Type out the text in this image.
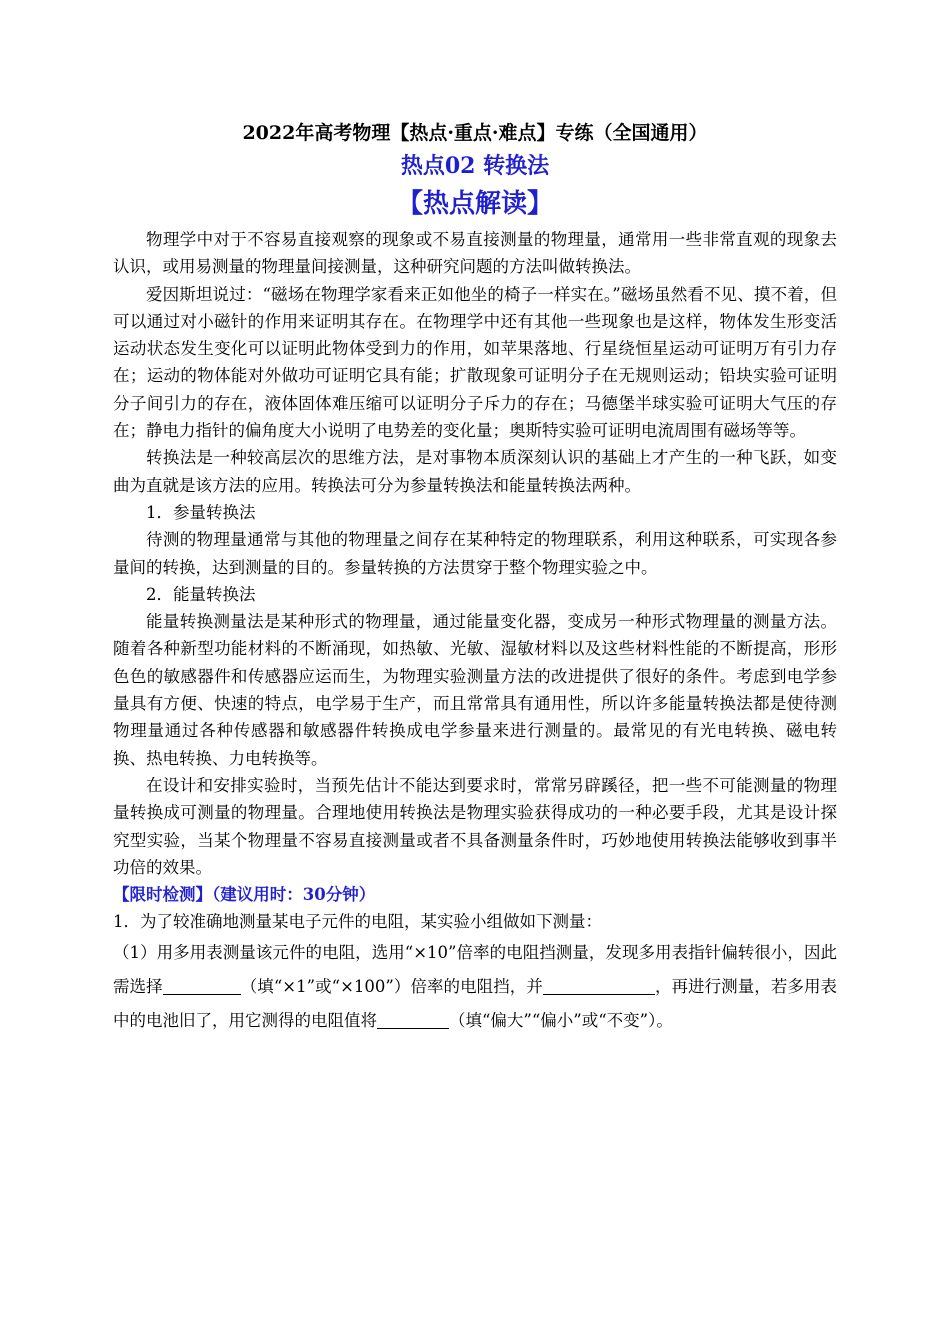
2022年高考物理【热点·重点·难点】专练（全国通用）
热点02 转换法
【热点解读】

物理学中对于不容易直接观察的现象或不易直接测量的物理量，通常用一些非常直观的现象去认识，或用易测量的物理量间接测量，这种研究问题的方法叫做转换法。

爱因斯坦说过：“磁场在物理学家看来正如他坐的椅子一样实在。”磁场虽然看不见、摸不着，但可以通过对小磁针的作用来证明其存在。在物理学中还有其他一些现象也是这样，物体发生形变活运动状态发生变化可以证明此物体受到力的作用，如苹果落地、行星绕恒星运动可证明万有引力存在；运动的物体能对外做功可证明它具有能；扩散现象可证明分子在无规则运动；铅块实验可证明分子间引力的存在，液体固体难压缩可以证明分子斥力的存在；马德堡半球实验可证明大气压的存在；静电力指针的偏角度大小说明了电势差的变化量；奥斯特实验可证明电流周围有磁场等等。

转换法是一种较高层次的思维方法，是对事物本质深刻认识的基础上才产生的一种飞跃，如变曲为直就是该方法的应用。转换法可分为参量转换法和能量转换法两种。

1．参量转换法

待测的物理量通常与其他的物理量之间存在某种特定的物理联系，利用这种联系，可实现各参量间的转换，达到测量的目的。参量转换的方法贯穿于整个物理实验之中。

2．能量转换法

能量转换测量法是某种形式的物理量，通过能量变化器，变成另一种形式物理量的测量方法。随着各种新型功能材料的不断涌现，如热敏、光敏、湿敏材料以及这些材料性能的不断提高，形形色色的敏感器件和传感器应运而生，为物理实验测量方法的改进提供了很好的条件。考虑到电学参量具有方便、快速的特点，电学易于生产，而且常常具有通用性，所以许多能量转换法都是使待测物理量通过各种传感器和敏感器件转换成电学参量来进行测量的。最常见的有光电转换、磁电转换、热电转换、力电转换等。

在设计和安排实验时，当预先估计不能达到要求时，常常另辟蹊径，把一些不可能测量的物理量转换成可测量的物理量。合理地使用转换法是物理实验获得成功的一种必要手段，尤其是设计探究型实验，当某个物理量不容易直接测量或者不具备测量条件时，巧妙地使用转换法能够收到事半功倍的效果。

【限时检测】（建议用时：30分钟）

1．为了较准确地测量某电子元件的电阻，某实验小组做如下测量：

（1）用多用表测量该元件的电阻，选用“×10”倍率的电阻挡测量，发现多用表指针偏转很小，因此需选择	（填“×1”或“×100”）倍率的电阻挡，并	，再进行测量，若多用表中的电池旧了，用它测得的电阻值将	（填“偏大”“偏小”或“不变”）。
